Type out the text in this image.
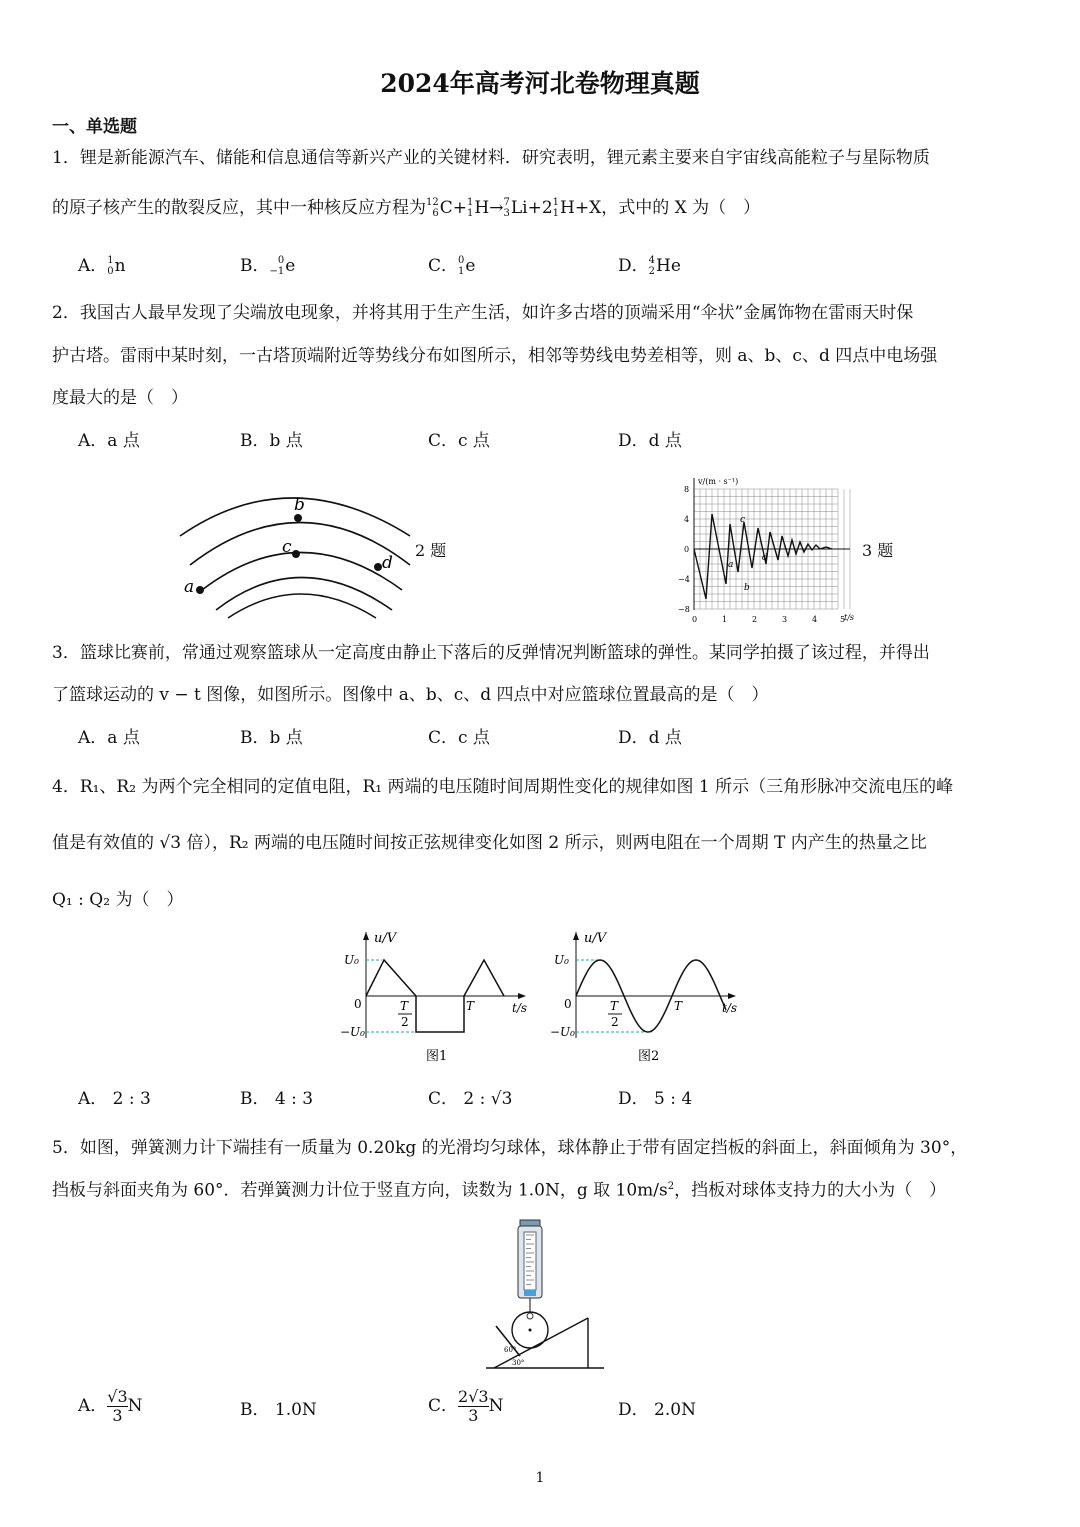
2024年高考河北卷物理真题
一、单选题
1．锂是新能源汽车、储能和信息通信等新兴产业的关键材料．研究表明，锂元素主要来自宇宙线高能粒子与星际物质
的原子核产生的散裂反应，其中一种核反应方程为 12
6 C+ 1
1 H→ 7
3 Li+2 1
1 H+X，式中的 X 为（　）
A． 1
0 n	B． 0
−1 e	C． 0
1 e	D． 4
2 He
2．我国古人最早发现了尖端放电现象，并将其用于生产生活，如许多古塔的顶端采用“伞状”金属饰物在雷雨天时保
护古塔。雷雨中某时刻，一古塔顶端附近等势线分布如图所示，相邻等势线电势差相等，则 a、b、c、d 四点中电场强
度最大的是（　）
A．a 点	B．b 点	C．c 点	D．d 点
b
c
d
a
2 题
v/(m · s⁻¹)
t/s
8
4
0
−4
−8
0	1	2	3	4	5
a
b
c
d	3 题
3．篮球比赛前，常通过观察篮球从一定高度由静止下落后的反弹情况判断篮球的弹性。某同学拍摄了该过程，并得出
了篮球运动的 v − t 图像，如图所示。图像中 a、b、c、d 四点中对应篮球位置最高的是（　）
A．a 点	B．b 点	C．c 点	D．d 点
4．R₁、R₂ 为两个完全相同的定值电阻，R₁ 两端的电压随时间周期性变化的规律如图 1 所示（三角形脉冲交流电压的峰
值是有效值的 √3 倍），R₂ 两端的电压随时间按正弦规律变化如图 2 所示，则两电阻在一个周期 T 内产生的热量之比
Q₁ : Q₂ 为（　）
u/V
U₀
−U₀
0	T
2
T	t/s
图1
u/V
U₀
−U₀
0	T
2
T	t/s
图2
A． 2 : 3	B． 4 : 3	C． 2 : √3	D． 5 : 4
5．如图，弹簧测力计下端挂有一质量为 0.20kg 的光滑均匀球体，球体静止于带有固定挡板的斜面上，斜面倾角为 30°，
挡板与斜面夹角为 60°．若弹簧测力计位于竖直方向，读数为 1.0N，g 取 $10m/s^2$，挡板对球体支持力的大小为（　）
60°
30°
A． $\frac{√3}{3}$ N	B． 1.0N	C． $\frac{2√3}{3}$ N	D． 2.0N
1
